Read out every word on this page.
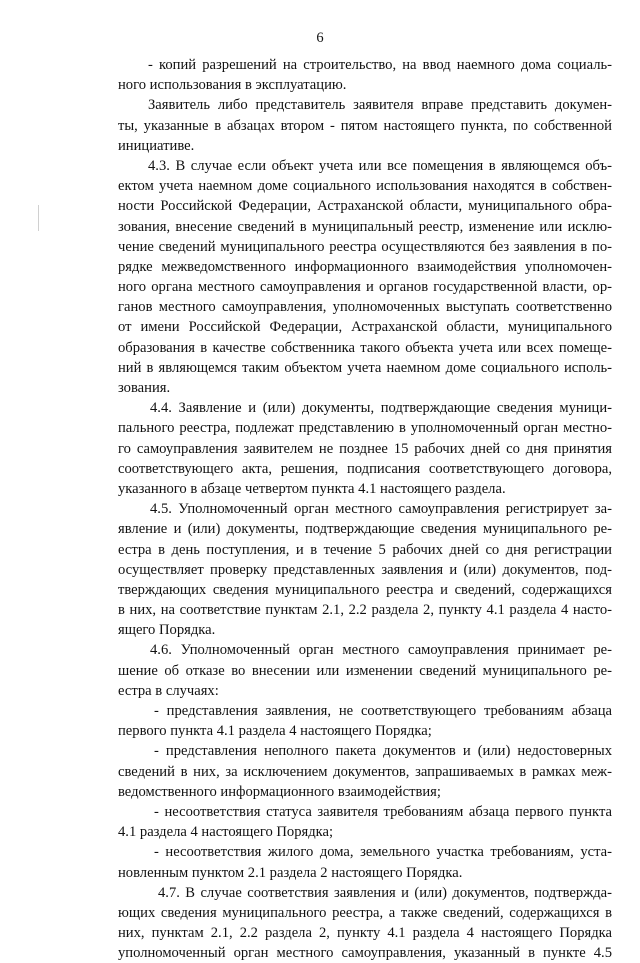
6
- копий разрешений на строительство, на ввод наемного дома социаль-
ного использования в эксплуатацию.
Заявитель либо представитель заявителя вправе представить докумен-
ты, указанные в абзацах втором - пятом настоящего пункта, по собственной
инициативе.
4.3. В случае если объект учета или все помещения в являющемся объ-
ектом учета наемном доме социального использования находятся в собствен-
ности Российской Федерации, Астраханской области, муниципального обра-
зования, внесение сведений в муниципальный реестр, изменение или исклю-
чение сведений муниципального реестра осуществляются без заявления в по-
рядке межведомственного информационного взаимодействия уполномочен-
ного органа местного самоуправления и органов государственной власти, ор-
ганов местного самоуправления, уполномоченных выступать соответственно
от имени Российской Федерации, Астраханской области, муниципального
образования в качестве собственника такого объекта учета или всех помеще-
ний в являющемся таким объектом учета наемном доме социального исполь-
зования.
4.4. Заявление и (или) документы, подтверждающие сведения муници-
пального реестра, подлежат представлению в уполномоченный орган местно-
го самоуправления заявителем не позднее 15 рабочих дней со дня принятия
соответствующего акта, решения, подписания соответствующего договора,
указанного в абзаце четвертом пункта 4.1 настоящего раздела.
4.5. Уполномоченный орган местного самоуправления регистрирует за-
явление и (или) документы, подтверждающие сведения муниципального ре-
естра в день поступления, и в течение 5 рабочих дней со дня регистрации
осуществляет проверку представленных заявления и (или) документов, под-
тверждающих сведения муниципального реестра и сведений, содержащихся
в них, на соответствие пунктам 2.1, 2.2 раздела 2, пункту 4.1 раздела 4 насто-
ящего Порядка.
4.6. Уполномоченный орган местного самоуправления принимает ре-
шение об отказе во внесении или изменении сведений муниципального ре-
естра в случаях:
- представления заявления, не соответствующего требованиям абзаца
первого пункта 4.1 раздела 4 настоящего Порядка;
- представления неполного пакета документов и (или) недостоверных
сведений в них, за исключением документов, запрашиваемых в рамках меж-
ведомственного информационного взаимодействия;
- несоответствия статуса заявителя требованиям абзаца первого пункта
4.1 раздела 4 настоящего Порядка;
- несоответствия жилого дома, земельного участка требованиям, уста-
новленным пунктом 2.1 раздела 2 настоящего Порядка.
4.7. В случае соответствия заявления и (или) документов, подтвержда-
ющих сведения муниципального реестра, а также сведений, содержащихся в
них, пунктам 2.1, 2.2 раздела 2, пункту 4.1 раздела 4 настоящего Порядка
уполномоченный орган местного самоуправления, указанный в пункте 4.5
